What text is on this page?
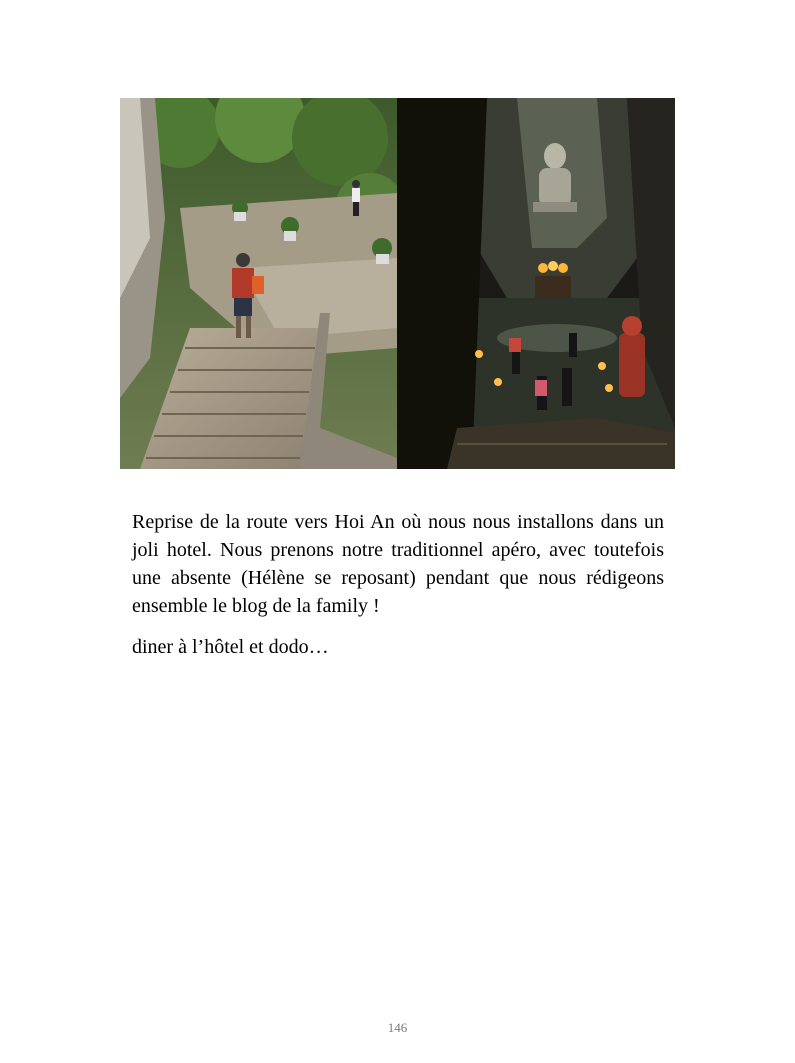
Reprise de la route vers Hoi An où nous nous installons dans un joli hotel. Nous prenons notre traditionnel apéro, avec toutefois une absente (Hélène se reposant) pendant que nous rédigeons ensemble le blog de la family !

diner à l’hôtel et dodo…

146
